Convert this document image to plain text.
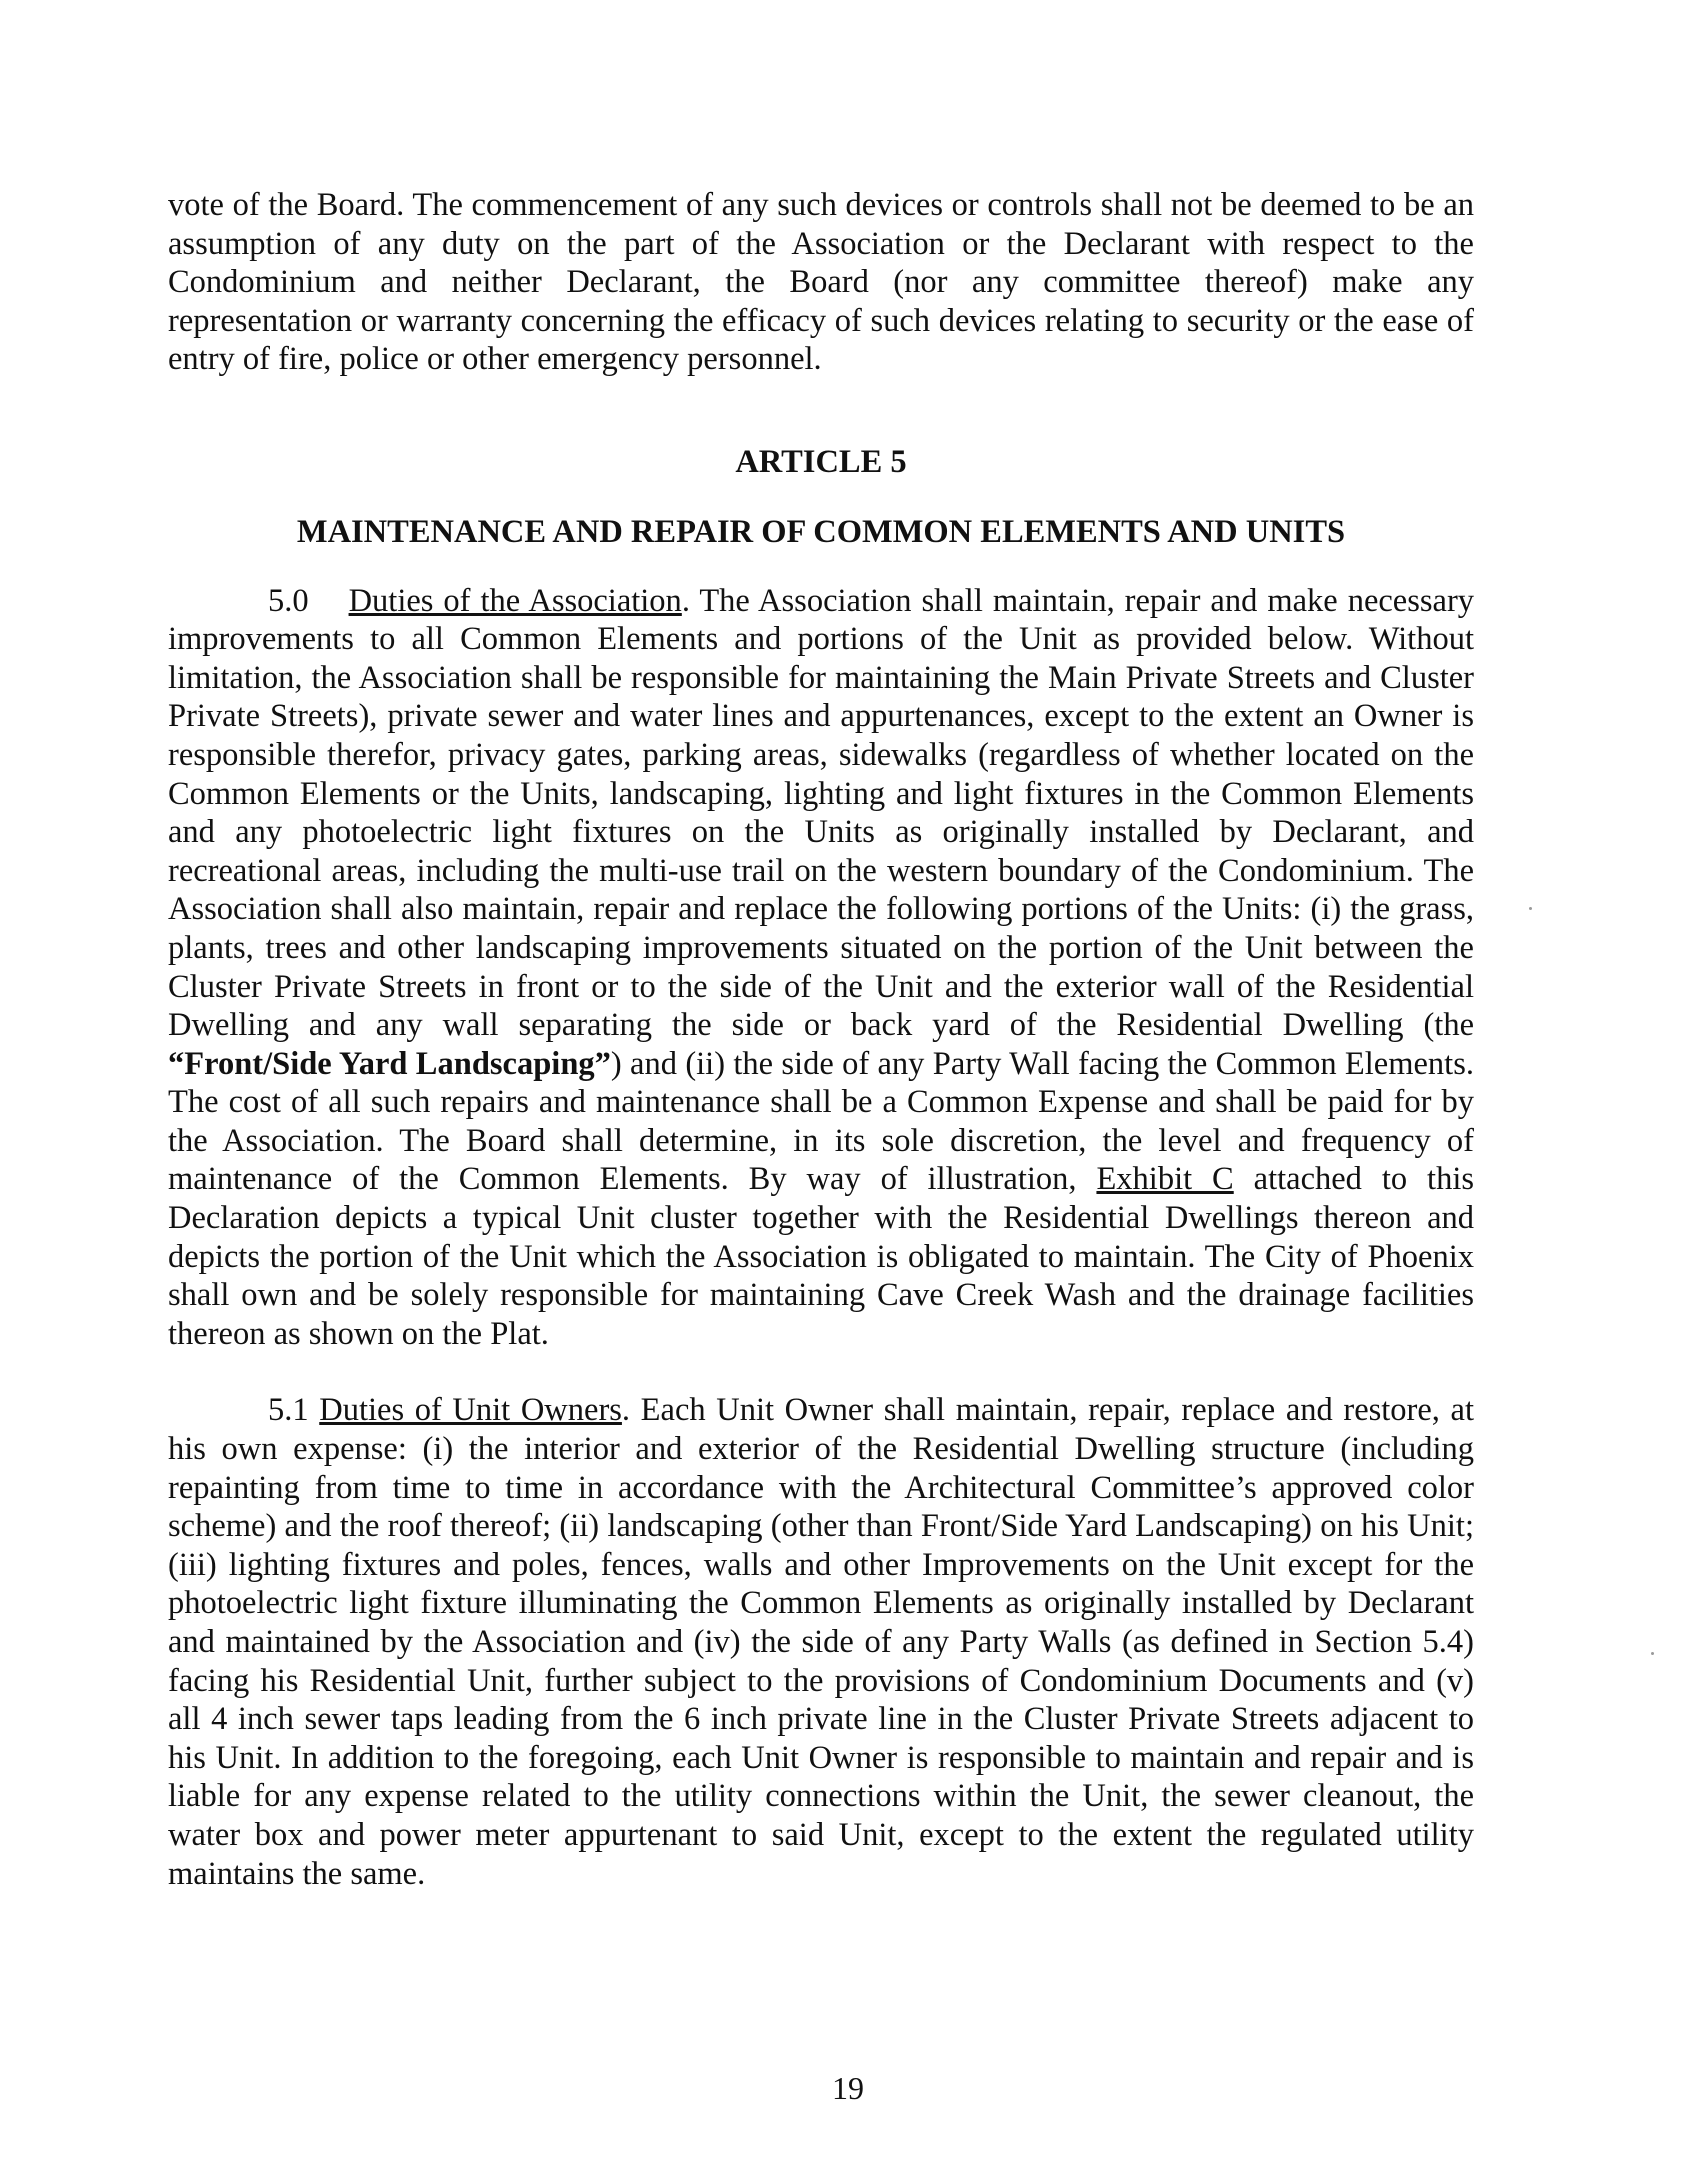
vote of the Board. The commencement of any such devices or controls shall not be deemed to be an assumption of any duty on the part of the Association or the Declarant with respect to the Condominium and neither Declarant, the Board (nor any committee thereof) make any representation or warranty concerning the efficacy of such devices relating to security or the ease of entry of fire, police or other emergency personnel.

ARTICLE 5
MAINTENANCE AND REPAIR OF COMMON ELEMENTS AND UNITS

5.0 Duties of the Association. The Association shall maintain, repair and make necessary improvements to all Common Elements and portions of the Unit as provided below. Without limitation, the Association shall be responsible for maintaining the Main Private Streets and Cluster Private Streets), private sewer and water lines and appurtenances, except to the extent an Owner is responsible therefor, privacy gates, parking areas, sidewalks (regardless of whether located on the Common Elements or the Units, landscaping, lighting and light fixtures in the Common Elements and any photoelectric light fixtures on the Units as originally installed by Declarant, and recreational areas, including the multi-use trail on the western boundary of the Condominium. The Association shall also maintain, repair and replace the following portions of the Units: (i) the grass, plants, trees and other landscaping improvements situated on the portion of the Unit between the Cluster Private Streets in front or to the side of the Unit and the exterior wall of the Residential Dwelling and any wall separating the side or back yard of the Residential Dwelling (the “Front/Side Yard Landscaping”) and (ii) the side of any Party Wall facing the Common Elements. The cost of all such repairs and maintenance shall be a Common Expense and shall be paid for by the Association. The Board shall determine, in its sole discretion, the level and frequency of maintenance of the Common Elements. By way of illustration, Exhibit C attached to this Declaration depicts a typical Unit cluster together with the Residential Dwellings thereon and depicts the portion of the Unit which the Association is obligated to maintain. The City of Phoenix shall own and be solely responsible for maintaining Cave Creek Wash and the drainage facilities thereon as shown on the Plat.

5.1 Duties of Unit Owners. Each Unit Owner shall maintain, repair, replace and restore, at his own expense: (i) the interior and exterior of the Residential Dwelling structure (including repainting from time to time in accordance with the Architectural Committee’s approved color scheme) and the roof thereof; (ii) landscaping (other than Front/Side Yard Landscaping) on his Unit; (iii) lighting fixtures and poles, fences, walls and other Improvements on the Unit except for the photoelectric light fixture illuminating the Common Elements as originally installed by Declarant and maintained by the Association and (iv) the side of any Party Walls (as defined in Section 5.4) facing his Residential Unit, further subject to the provisions of Condominium Documents and (v) all 4 inch sewer taps leading from the 6 inch private line in the Cluster Private Streets adjacent to his Unit. In addition to the foregoing, each Unit Owner is responsible to maintain and repair and is liable for any expense related to the utility connections within the Unit, the sewer cleanout, the water box and power meter appurtenant to said Unit, except to the extent the regulated utility maintains the same.

19
